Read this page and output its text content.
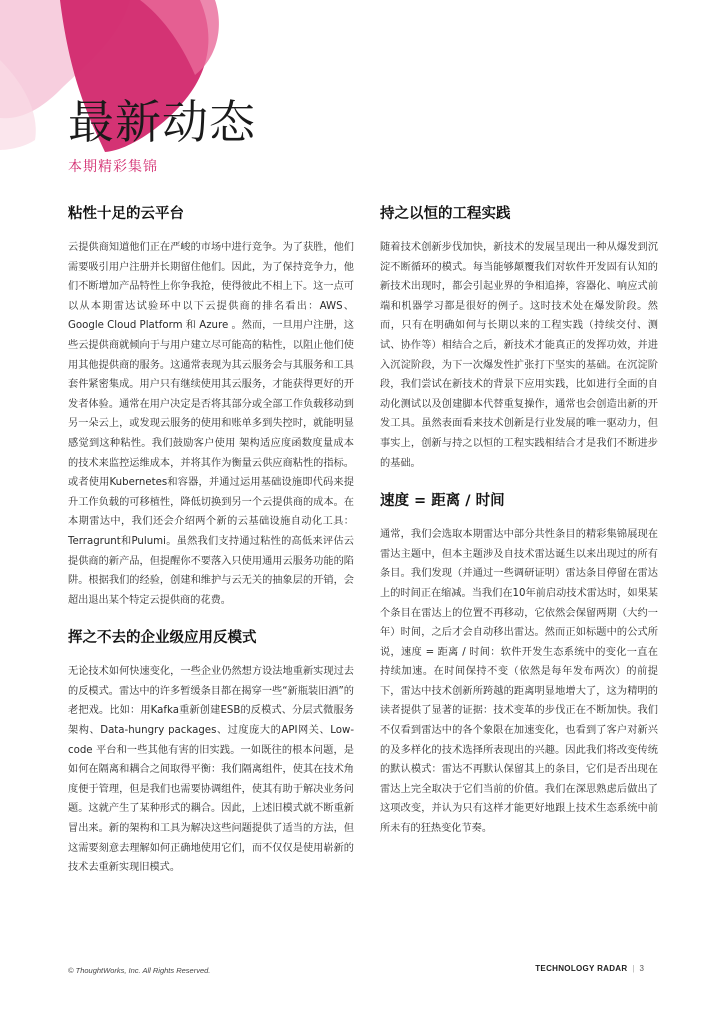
最新动态
本期精彩集锦
粘性十足的云平台

云提供商知道他们正在严峻的市场中进行竞争。为了获胜，他们需要吸引用户注册并长期留住他们。因此，为了保持竞争力，他们不断增加产品特性上你争我抢，使得彼此不相上下。这一点可以从本期雷达试验环中以下云提供商的排名看出：AWS、Google Cloud Platform 和 Azure 。然而，一旦用户注册，这些云提供商就倾向于与用户建立尽可能高的粘性，以阻止他们使用其他提供商的服务。这通常表现为其云服务会与其服务和工具套件紧密集成。用户只有继续使用其云服务，才能获得更好的开发者体验。通常在用户决定是否将其部分或全部工作负载移动到另一朵云上，或发现云服务的使用和账单多到失控时，就能明显感觉到这种粘性。我们鼓励客户使用 架构适应度函数度量成本 的技术来监控运维成本，并将其作为衡量云供应商粘性的指标。或者使用Kubernetes和容器，并通过运用基础设施即代码来提升工作负载的可移植性，降低切换到另一个云提供商的成本。在本期雷达中，我们还会介绍两个新的云基础设施自动化工具：Terragrunt和Pulumi。虽然我们支持通过粘性的高低来评估云提供商的新产品，但提醒你不要落入只使用通用云服务功能的陷阱。根据我们的经验，创建和维护与云无关的抽象层的开销，会超出退出某个特定云提供商的花费。

挥之不去的企业级应用反模式

无论技术如何快速变化，一些企业仍然想方设法地重新实现过去的反模式。雷达中的许多暂缓条目都在揭穿一些“新瓶装旧酒”的老把戏。比如：用Kafka重新创建ESB的反模式、分层式微服务架构、Data-hungry packages、过度庞大的API网关、Low-code 平台和一些其他有害的旧实践。一如既往的根本问题，是如何在隔离和耦合之间取得平衡：我们隔离组件，使其在技术角度便于管理，但是我们也需要协调组件，使其有助于解决业务问题。这就产生了某种形式的耦合。因此，上述旧模式就不断重新冒出来。新的架构和工具为解决这些问题提供了适当的方法，但这需要刻意去理解如何正确地使用它们，而不仅仅是使用崭新的技术去重新实现旧模式。

持之以恒的工程实践

随着技术创新步伐加快，新技术的发展呈现出一种从爆发到沉淀不断循环的模式。每当能够颠覆我们对软件开发固有认知的新技术出现时，都会引起业界的争相追捧，容器化、响应式前端和机器学习都是很好的例子。这时技术处在爆发阶段。然而，只有在明确如何与长期以来的工程实践（持续交付、测试、协作等）相结合之后，新技术才能真正的发挥功效，并进入沉淀阶段，为下一次爆发性扩张打下坚实的基础。在沉淀阶段，我们尝试在新技术的背景下应用实践，比如进行全面的自动化测试以及创建脚本代替重复操作，通常也会创造出新的开发工具。虽然表面看来技术创新是行业发展的唯一驱动力，但事实上，创新与持之以恒的工程实践相结合才是我们不断进步的基础。

速度 = 距离 / 时间

通常，我们会选取本期雷达中部分共性条目的精彩集锦展现在雷达主题中，但本主题涉及自技术雷达诞生以来出现过的所有条目。我们发现（并通过一些调研证明）雷达条目停留在雷达上的时间正在缩减。当我们在10年前启动技术雷达时，如果某个条目在雷达上的位置不再移动，它依然会保留两期（大约一年）时间，之后才会自动移出雷达。然而正如标题中的公式所说，速度 = 距离 / 时间：软件开发生态系统中的变化一直在持续加速。在时间保持不变（依然是每年发布两次）的前提下，雷达中技术创新所跨越的距离明显地增大了，这为精明的读者提供了显著的证据：技术变革的步伐正在不断加快。我们不仅看到雷达中的各个象限在加速变化，也看到了客户对新兴的及多样化的技术选择所表现出的兴趣。因此我们将改变传统的默认模式：雷达不再默认保留其上的条目，它们是否出现在雷达上完全取决于它们当前的价值。我们在深思熟虑后做出了这项改变，并认为只有这样才能更好地跟上技术生态系统中前所未有的狂热变化节奏。

© ThoughtWorks, Inc. All Rights Reserved.	TECHNOLOGY RADAR | 3
